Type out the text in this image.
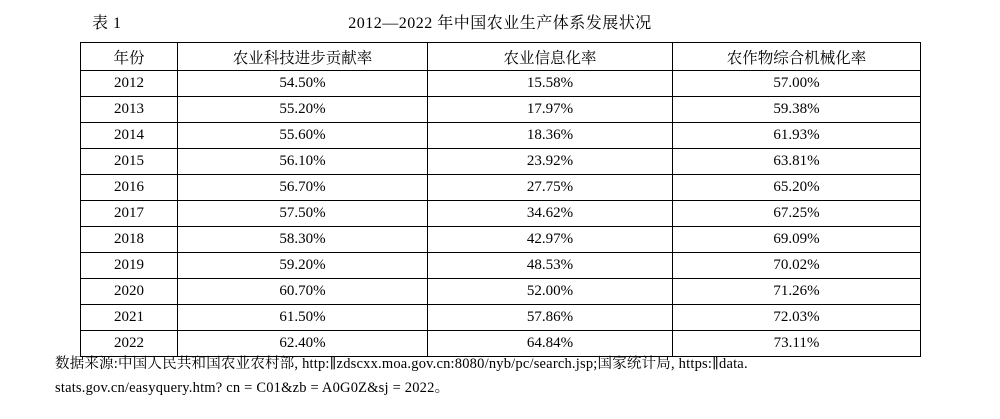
表 1	2012—2022 年中国农业生产体系发展状况
年份	农业科技进步贡献率	农业信息化率	农作物综合机械化率
2012	54.50%	15.58%	57.00%
2013	55.20%	17.97%	59.38%
2014	55.60%	18.36%	61.93%
2015	56.10%	23.92%	63.81%
2016	56.70%	27.75%	65.20%
2017	57.50%	34.62%	67.25%
2018	58.30%	42.97%	69.09%
2019	59.20%	48.53%	70.02%
2020	60.70%	52.00%	71.26%
2021	61.50%	57.86%	72.03%
2022	62.40%	64.84%	73.11%
数据来源:中国人民共和国农业农村部, http:∥zdscxx.moa.gov.cn:8080/nyb/pc/search.jsp;国家统计局, https:∥data.
stats.gov.cn/easyquery.htm? cn = C01&zb = A0G0Z&sj = 2022。
